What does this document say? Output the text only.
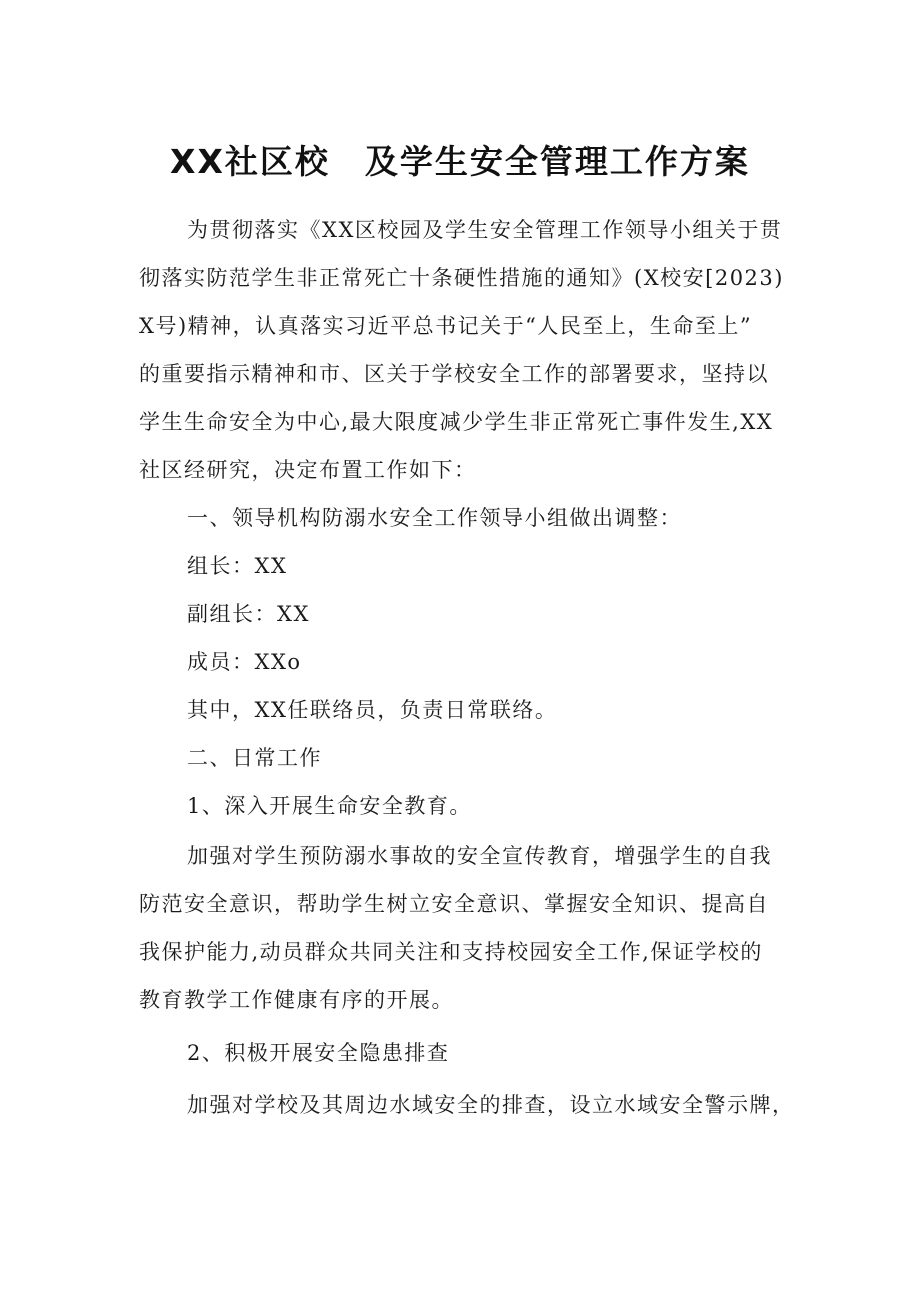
XX社区校　及学生安全管理工作方案
为贯彻落实《XX区校园及学生安全管理工作领导小组关于贯
彻落实防范学生非正常死亡十条硬性措施的通知》(X校安[2023)
X号)精神，认真落实习近平总书记关于“人民至上，生命至上”
的重要指示精神和市、区关于学校安全工作的部署要求，坚持以
学生生命安全为中心,最大限度减少学生非正常死亡事件发生,XX
社区经研究，决定布置工作如下：
一、领导机构防溺水安全工作领导小组做出调整：
组长：XX
副组长：XX
成员：XXo
其中，XX任联络员，负责日常联络。
二、日常工作
1、深入开展生命安全教育。
加强对学生预防溺水事故的安全宣传教育，增强学生的自我
防范安全意识，帮助学生树立安全意识、掌握安全知识、提高自
我保护能力,动员群众共同关注和支持校园安全工作,保证学校的
教育教学工作健康有序的开展。
2、积极开展安全隐患排查
加强对学校及其周边水域安全的排查，设立水域安全警示牌，
